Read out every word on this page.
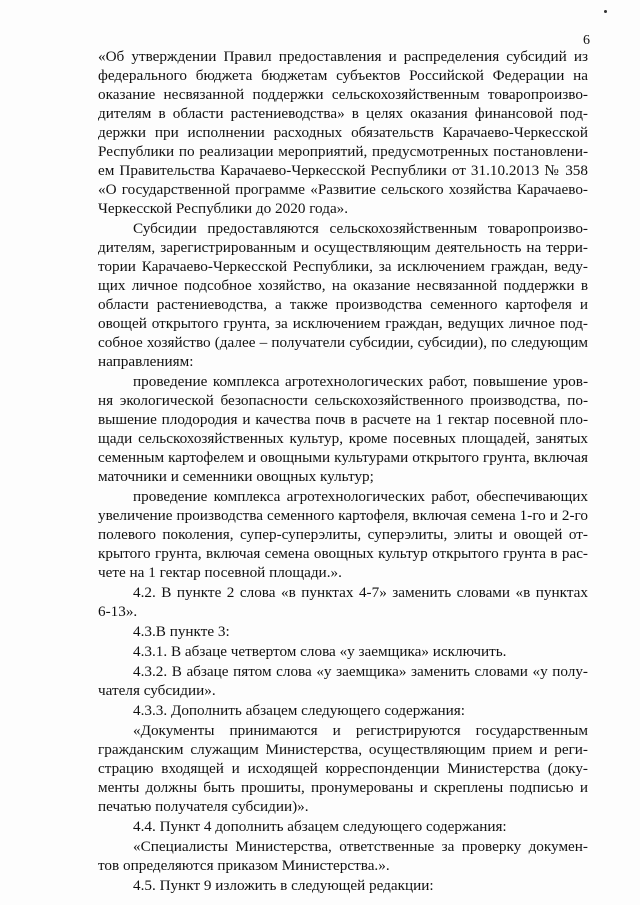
6
«Об утверждении Правил предоставления и распределения субсидий из
федерального бюджета бюджетам субъектов Российской Федерации на
оказание несвязанной поддержки сельскохозяйственным товаропроизво-
дителям в области растениеводства» в целях оказания финансовой под-
держки при исполнении расходных обязательств Карачаево-Черкесской
Республики по реализации мероприятий, предусмотренных постановлени-
ем Правительства Карачаево-Черкесской Республики от 31.10.2013 № 358
«О государственной программе «Развитие сельского хозяйства Карачаево-
Черкесской Республики до 2020 года».
Субсидии предоставляются сельскохозяйственным товаропроизво-
дителям, зарегистрированным и осуществляющим деятельность на терри-
тории Карачаево-Черкесской Республики, за исключением граждан, веду-
щих личное подсобное хозяйство, на оказание несвязанной поддержки в
области растениеводства, а также производства семенного картофеля и
овощей открытого грунта, за исключением граждан, ведущих личное под-
собное хозяйство (далее – получатели субсидии, субсидии), по следующим
направлениям:
проведение комплекса агротехнологических работ, повышение уров-
ня экологической безопасности сельскохозяйственного производства, по-
вышение плодородия и качества почв в расчете на 1 гектар посевной пло-
щади сельскохозяйственных культур, кроме посевных площадей, занятых
семенным картофелем и овощными культурами открытого грунта, включая
маточники и семенники овощных культур;
проведение комплекса агротехнологических работ, обеспечивающих
увеличение производства семенного картофеля, включая семена 1-го и 2-го
полевого поколения, супер-суперэлиты, суперэлиты, элиты и овощей от-
крытого грунта, включая семена овощных культур открытого грунта в рас-
чете на 1 гектар посевной площади.».
4.2. В пункте 2 слова «в пунктах 4-7» заменить словами «в пунктах
6-13».
4.3.В пункте 3:
4.3.1. В абзаце четвертом слова «у заемщика» исключить.
4.3.2. В абзаце пятом слова «у заемщика» заменить словами «у полу-
чателя субсидии».
4.3.3. Дополнить абзацем следующего содержания:
«Документы принимаются и регистрируются государственным
гражданским служащим Министерства, осуществляющим прием и реги-
страцию входящей и исходящей корреспонденции Министерства (доку-
менты должны быть прошиты, пронумерованы и скреплены подписью и
печатью получателя субсидии)».
4.4. Пункт 4 дополнить абзацем следующего содержания:
«Специалисты Министерства, ответственные за проверку докумен-
тов определяются приказом Министерства.».
4.5. Пункт 9 изложить в следующей редакции:
